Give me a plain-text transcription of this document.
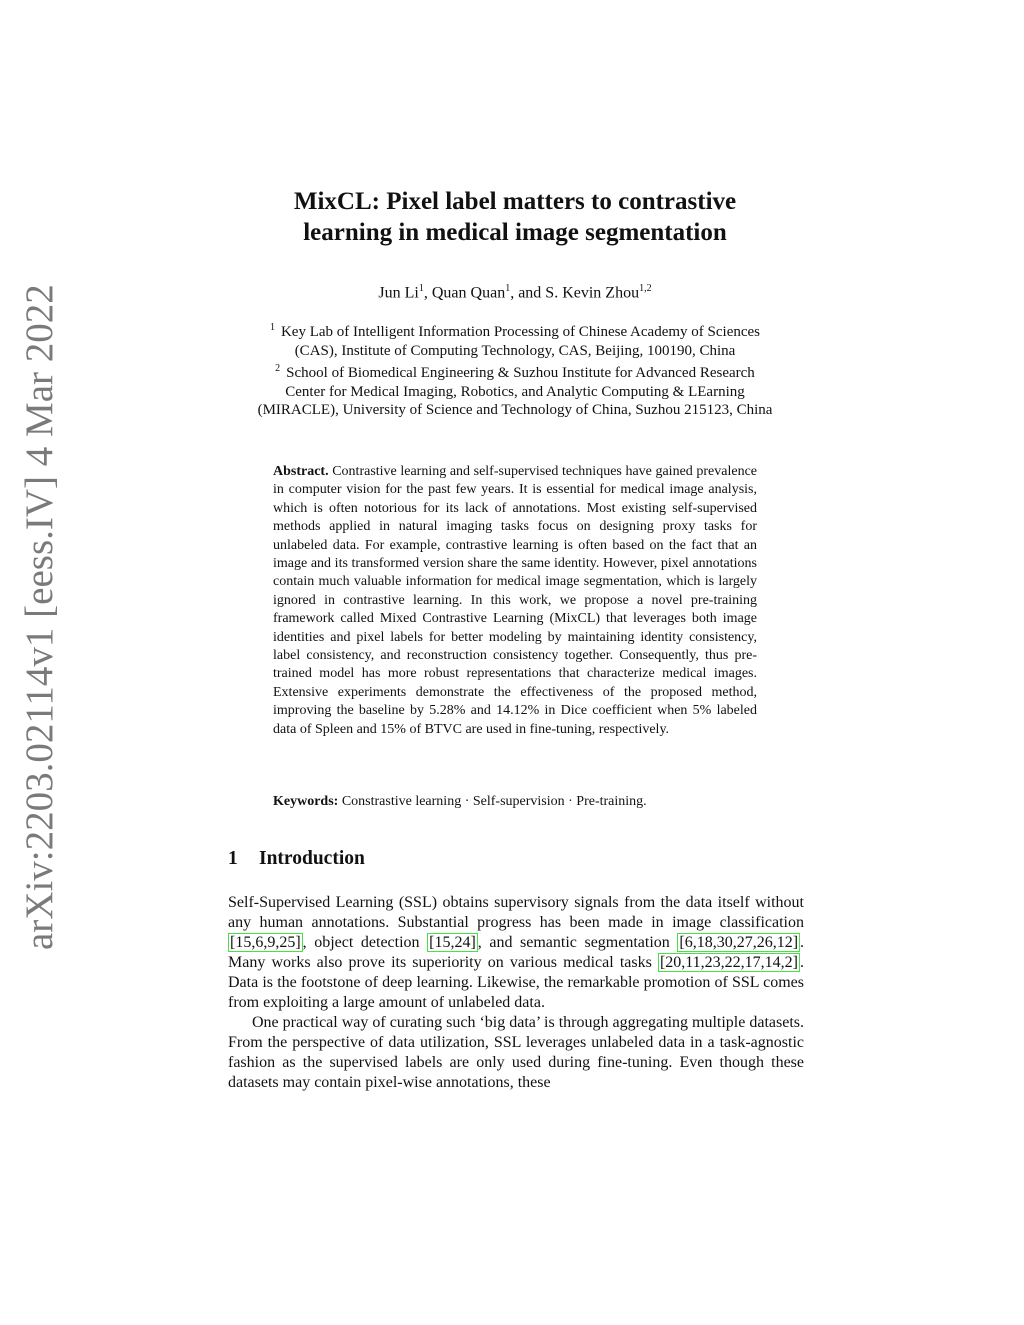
arXiv:2203.02114v1 [eess.IV] 4 Mar 2022
MixCL: Pixel label matters to contrastive
learning in medical image segmentation
Jun Li$^1$, Quan Quan$^1$, and S. Kevin Zhou$^{1,2}$
$^1$ Key Lab of Intelligent Information Processing of Chinese Academy of Sciences
(CAS), Institute of Computing Technology, CAS, Beijing, 100190, China
$^2$ School of Biomedical Engineering & Suzhou Institute for Advanced Research
Center for Medical Imaging, Robotics, and Analytic Computing & LEarning
(MIRACLE), University of Science and Technology of China, Suzhou 215123, China
Abstract. Contrastive learning and self-supervised techniques have gained prevalence in computer vision for the past few years. It is essential for medical image analysis, which is often notorious for its lack of annotations. Most existing self-supervised methods applied in natural imaging tasks focus on designing proxy tasks for unlabeled data. For example, contrastive learning is often based on the fact that an image and its transformed version share the same identity. However, pixel annotations contain much valuable information for medical image segmentation, which is largely ignored in contrastive learning. In this work, we propose a novel pre-training framework called Mixed Contrastive Learning (MixCL) that leverages both image identities and pixel labels for better modeling by maintaining identity consistency, label consistency, and reconstruction consistency together. Consequently, thus pre-trained model has more robust representations that characterize medical images. Extensive experiments demonstrate the effectiveness of the proposed method, improving the baseline by 5.28% and 14.12% in Dice coefficient when 5% labeled data of Spleen and 15% of BTVC are used in fine-tuning, respectively.
Keywords: Constrastive learning · Self-supervision · Pre-training.
1 Introduction

Self-Supervised Learning (SSL) obtains supervisory signals from the data itself without any human annotations. Substantial progress has been made in image classification [15,6,9,25] , object detection [15,24] , and semantic segmentation [6,18,30,27,26,12] . Many works also prove its superiority on various medical tasks [20,11,23,22,17,14,2] . Data is the footstone of deep learning. Likewise, the remarkable promotion of SSL comes from exploiting a large amount of unlabeled data.

One practical way of curating such ‘big data’ is through aggregating multiple datasets. From the perspective of data utilization, SSL leverages unlabeled data in a task-agnostic fashion as the supervised labels are only used during fine-tuning. Even though these datasets may contain pixel-wise annotations, these
